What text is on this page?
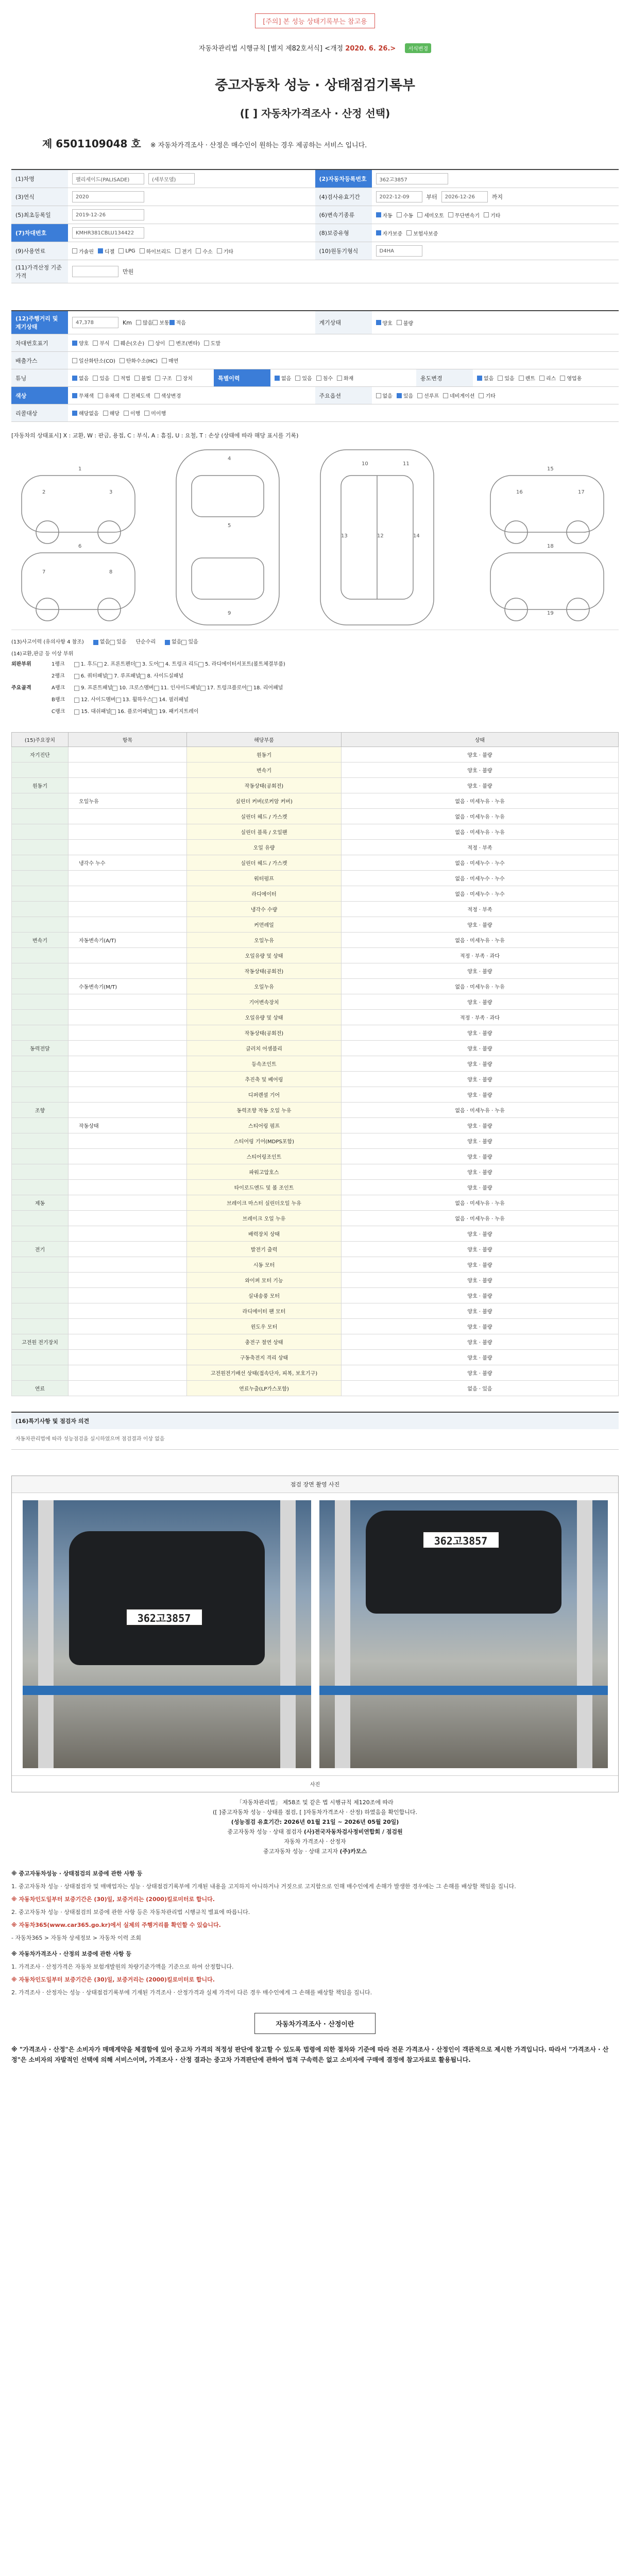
[주의] 본 성능 상태기록부는 참고용
자동차관리법 시행규칙 [별지 제82호서식] <개정 2020. 6. 26.> 서식변경
중고자동차 성능 · 상태점검기록부
([ ] 자동차가격조사 · 산정 선택)
제 6501109048 호 ※ 자동차가격조사 · 산정은 매수인이 원하는 경우 제공하는 서비스 입니다.
(1)차명	팰리세이드(PALISADE)	(세부모델)	(2)자동차등록번호	362고3857
(3)연식	2020	(4)검사유효기간	2022-12-09	부터	2026-12-26	까지
(5)최초등록일	2019-12-26	(6)변속기종류	자동 수동 세미오토 무단변속기 기타
(7)차대번호	KMHR381CBLU134422	(8)보증유형	자가보증 보험사보증
(9)사용연료	가솔린 디젤 LPG 하이브리드 전기 수소 기타	(10)원동기형식	D4HA
(11)가격산정 기준가격
만원
(12)주행거리 및 계기상태
47,378	Km 많음 보통 적음	계기상태	양호 불량
차대번호표기	양호 부식 훼손(오손) 상이 변조(변타) 도말
배출가스	일산화탄소(CO) 탄화수소(HC) 매연
튜닝	없음 있음 적법 불법 구조 장치	특별이력	없음 있음 침수 화재	용도변경	없음 있음 렌트 리스 영업용
색상	무채색 유채색 전체도색 색상변경	주요옵션	없음 있음 선루프 네비게이션 기타
리콜대상	해당없음 해당 이행 미이행
[자동차의 상태표시] X : 교환, W : 판금, 용접, C : 부식, A : 흠집, U : 요철, T : 손상 (상태에 따라 해당 표시를 기록)
1
2	3
4
5
6
7	8
9
10	11
12
13	14
15
16	17
18
19
(13)사고이력 (유의사항 4 참조)	없음 있음 단순수리	없음 있음
(14)교환,판금 등 이상 부위
외판부위	1랭크	1. 후드 2. 프론트펜더 3. 도어 4. 트렁크 리드 5. 라디에이터서포트(볼트체결부품)
2랭크	6. 쿼터패널 7. 루프패널 8. 사이드실패널
주요골격	A랭크	9. 프론트패널 10. 크로스멤버 11. 인사이드패널 17. 트렁크플로어 18. 리어패널
B랭크	12. 사이드멤버 13. 휠하우스 14. 필러패널
C랭크	15. 대쉬패널 16. 플로어패널 19. 패키지트레이
(15)주요장치	항목	해당부품	상태
자기진단		원동기	양호 · 불량
		변속기	양호 · 불량
원동기		작동상태(공회전)	양호 · 불량
	오일누유	실린더 커버(로커암 커버)	없음 · 미세누유 · 누유
		실린더 헤드 / 가스켓	없음 · 미세누유 · 누유
		실린더 블록 / 오일팬	없음 · 미세누유 · 누유
		오일 유량	적정 · 부족
	냉각수 누수	실린더 헤드 / 가스켓	없음 · 미세누수 · 누수
		워터펌프	없음 · 미세누수 · 누수
		라디에이터	없음 · 미세누수 · 누수
		냉각수 수량	적정 · 부족
		커먼레일	양호 · 불량
변속기	자동변속기(A/T)	오일누유	없음 · 미세누유 · 누유
		오일유량 및 상태	적정 · 부족 · 과다
		작동상태(공회전)	양호 · 불량
	수동변속기(M/T)	오일누유	없음 · 미세누유 · 누유
		기어변속장치	양호 · 불량
		오일유량 및 상태	적정 · 부족 · 과다
		작동상태(공회전)	양호 · 불량
동력전달		클러치 어셈블리	양호 · 불량
		등속조인트	양호 · 불량
		추진축 및 베어링	양호 · 불량
		디퍼렌셜 기어	양호 · 불량
조향		동력조향 작동 오일 누유	없음 · 미세누유 · 누유
	작동상태	스티어링 펌프	양호 · 불량
		스티어링 기어(MDPS포함)	양호 · 불량
		스티어링조인트	양호 · 불량
		파워고압호스	양호 · 불량
		타이로드엔드 및 볼 조인트	양호 · 불량
제동		브레이크 마스터 실린더오일 누유	없음 · 미세누유 · 누유
		브레이크 오일 누유	없음 · 미세누유 · 누유
		배력장치 상태	양호 · 불량
전기		발전기 출력	양호 · 불량
		시동 모터	양호 · 불량
		와이퍼 모터 기능	양호 · 불량
		실내송풍 모터	양호 · 불량
		라디에이터 팬 모터	양호 · 불량
		윈도우 모터	양호 · 불량
고전원 전기장치		충전구 절연 상태	양호 · 불량
		구동축전지 격리 상태	양호 · 불량
		고전원전기배선 상태(접속단자, 피복, 보호기구)	양호 · 불량
연료		연료누출(LP가스포함)	없음 · 있음
(16)특기사항 및 점검자 의견
자동차관리법에 따라 성능점검을 실시하였으며 점검결과 이상 없음
점검 장면 촬영 사진
362고3857
362고3857
사진
「자동차관리법」 제58조 및 같은 법 시행규칙 제120조에 따라
([ ]중고자동차 성능 · 상태를 점검, [ ]자동차가격조사 · 산정) 하였음을 확인합니다.
(성능점검 유효기간: 2026년 01월 21일 ~ 2026년 05월 20일)
중고자동차 성능 · 상태 점검자 (사)전국자동차검사정비연합회 / 점검원
자동차 가격조사 · 산정자
중고자동차 성능 · 상태 고지자 (주)카모스
※ 중고자동차성능 · 상태점검의 보증에 관한 사항 등

1. 중고자동차 성능 · 상태점검자 및 매매업자는 성능 · 상태점검기록부에 기재된 내용을 고지하지 아니하거나 거짓으로 고지함으로 인해 매수인에게 손해가 발생한 경우에는 그 손해를 배상할 책임을 집니다.

※ 자동차인도일부터 보증기간은 (30)일, 보증거리는 (2000)킬로미터로 합니다.

2. 중고자동차 성능 · 상태점검의 보증에 관한 사항 등은 자동차관리법 시행규칙 별표에 따릅니다.

※ 자동차365(www.car365.go.kr)에서 실제의 주행거리를 확인할 수 있습니다.

- 자동차365 > 자동차 상세정보 > 자동차 이력 조회

※ 자동차가격조사 · 산정의 보증에 관한 사항 등

1. 가격조사 · 산정가격은 자동차 보험개발원의 차량기준가액을 기준으로 하여 산정합니다.

※ 자동차인도일부터 보증기간은 (30)일, 보증거리는 (2000)킬로미터로 합니다.

2. 가격조사 · 산정자는 성능 · 상태점검기록부에 기재된 가격조사 · 산정가격과 실제 가격이 다른 경우 매수인에게 그 손해를 배상할 책임을 집니다.

자동차가격조사 · 산정이란
※ "가격조사 · 산정"은 소비자가 매매계약을 체결함에 있어 중고차 가격의 적정성 판단에 참고할 수 있도록 법령에 의한 절차와 기준에 따라 전문 가격조사 · 산정인이 객관적으로 제시한 가격입니다. 따라서 "가격조사 · 산정"은 소비자의 자발적인 선택에 의해 서비스이며, 가격조사 · 산정 결과는 중고차 가격판단에 관하여 법적 구속력은 없고 소비자에 구매에 결정에 참고자료로 활용됩니다.
